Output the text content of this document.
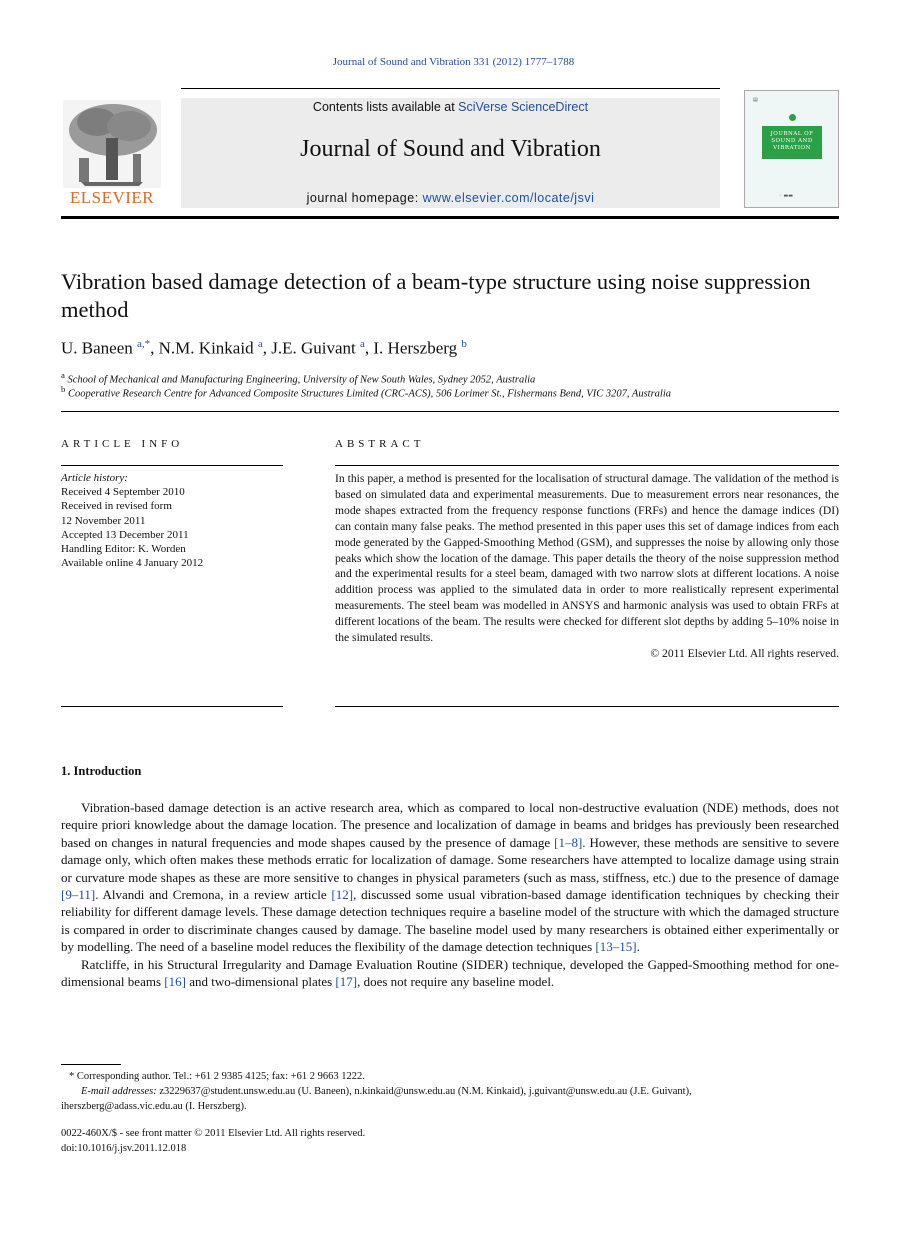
Journal of Sound and Vibration 331 (2012) 1777–1788
ELSEVIER
Contents lists available at SciVerse ScienceDirect
Journal of Sound and Vibration
journal homepage: www.elsevier.com/locate/jsvi
▤
JOURNAL OF SOUND AND VIBRATION
◦ ▬▬
Vibration based damage detection of a beam-type structure using noise suppression method
U. Baneen $^{a,*}$, N.M. Kinkaid $^a$, J.E. Guivant $^a$, I. Herszberg $^b$
$^a$ School of Mechanical and Manufacturing Engineering, University of New South Wales, Sydney 2052, Australia
$^b$ Cooperative Research Centre for Advanced Composite Structures Limited (CRC-ACS), 506 Lorimer St., Fishermans Bend, VIC 3207, Australia
ARTICLE INFO
Article history:
Received 4 September 2010
Received in revised form
12 November 2011
Accepted 13 December 2011
Handling Editor: K. Worden
Available online 4 January 2012
ABSTRACT
In this paper, a method is presented for the localisation of structural damage. The validation of the method is based on simulated data and experimental measurements. Due to measurement errors near resonances, the mode shapes extracted from the frequency response functions (FRFs) and hence the damage indices (DI) can contain many false peaks. The method presented in this paper uses this set of damage indices from each mode generated by the Gapped-Smoothing Method (GSM), and suppresses the noise by allowing only those peaks which show the location of the damage. This paper details the theory of the noise suppression method and the experimental results for a steel beam, damaged with two narrow slots at different locations. A noise addition process was applied to the simulated data in order to more realistically represent experimental measurements. The steel beam was modelled in ANSYS and harmonic analysis was used to obtain FRFs at different locations of the beam. The results were checked for different slot depths by adding 5–10% noise in the simulated results.
© 2011 Elsevier Ltd. All rights reserved.
1. Introduction

Vibration-based damage detection is an active research area, which as compared to local non-destructive evaluation (NDE) methods, does not require priori knowledge about the damage location. The presence and localization of damage in beams and bridges has previously been researched based on changes in natural frequencies and mode shapes caused by the presence of damage [1–8]. However, these methods are sensitive to severe damage only, which often makes these methods erratic for localization of damage. Some researchers have attempted to localize damage using strain or curvature mode shapes as these are more sensitive to changes in physical parameters (such as mass, stiffness, etc.) due to the presence of damage [9–11]. Alvandi and Cremona, in a review article [12], discussed some usual vibration-based damage identification techniques by checking their reliability for different damage levels. These damage detection techniques require a baseline model of the structure with which the damaged structure is compared in order to discriminate changes caused by damage. The baseline model used by many researchers is obtained either experimentally or by modelling. The need of a baseline model reduces the flexibility of the damage detection techniques [13–15].

Ratcliffe, in his Structural Irregularity and Damage Evaluation Routine (SIDER) technique, developed the Gapped-Smoothing method for one-dimensional beams [16] and two-dimensional plates [17], does not require any baseline model.

* Corresponding author. Tel.: +61 2 9385 4125; fax: +61 2 9663 1222.
E-mail addresses: z3229637@student.unsw.edu.au (U. Baneen), n.kinkaid@unsw.edu.au (N.M. Kinkaid), j.guivant@unsw.edu.au (J.E. Guivant),
iherszberg@adass.vic.edu.au (I. Herszberg).
0022-460X/$ - see front matter © 2011 Elsevier Ltd. All rights reserved.
doi:10.1016/j.jsv.2011.12.018
